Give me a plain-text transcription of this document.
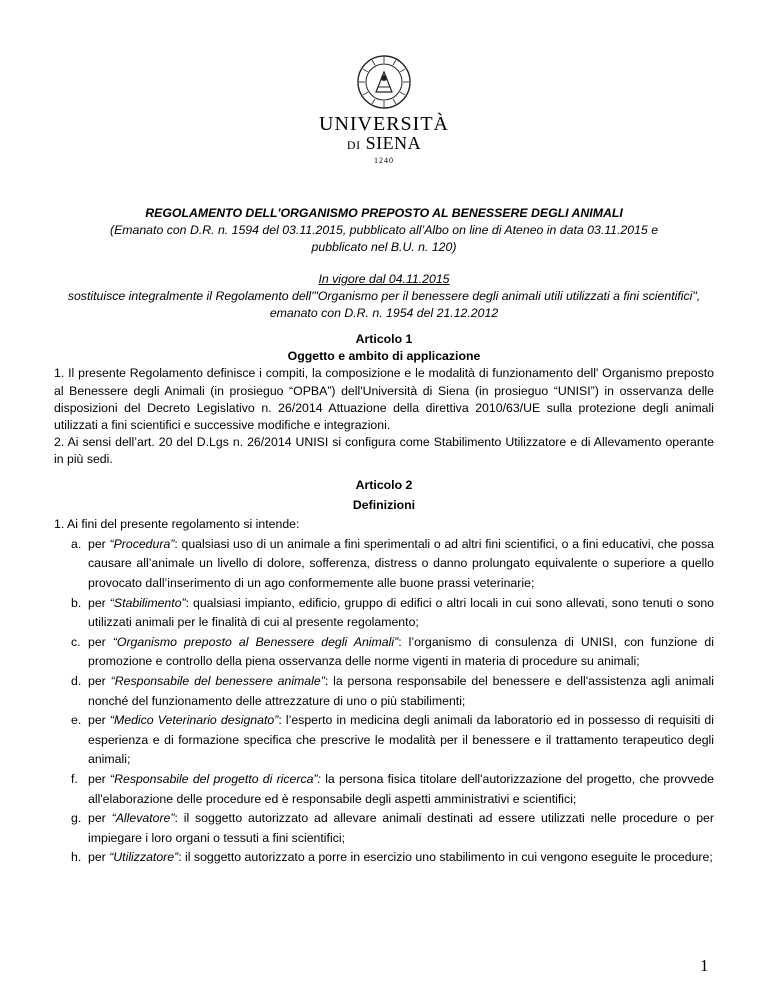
UNIVERSITÀ
DI SIENA
1240

REGOLAMENTO DELL'ORGANISMO PREPOSTO AL BENESSERE DEGLI ANIMALI

(Emanato con D.R. n. 1594 del 03.11.2015, pubblicato all’Albo on line di Ateneo in data 03.11.2015 e pubblicato nel B.U. n. 120)

In vigore dal 04.11.2015

sostituisce integralmente il Regolamento dell'"Organismo per il benessere degli animali utili utilizzati a fini scientifici", emanato con D.R. n. 1954 del 21.12.2012

Articolo 1

Oggetto e ambito di applicazione

1. Il presente Regolamento definisce i compiti, la composizione e le modalità di funzionamento dell' Organismo preposto al Benessere degli Animali (in prosieguo “OPBA”) dell'Università di Siena (in prosieguo “UNISI”) in osservanza delle disposizioni del Decreto Legislativo n. 26/2014 Attuazione della direttiva 2010/63/UE sulla protezione degli animali utilizzati a fini scientifici e successive modifiche e integrazioni.

2. Ai sensi dell’art. 20 del D.Lgs n. 26/2014 UNISI si configura come Stabilimento Utilizzatore e di Allevamento operante in più sedi.

Articolo 2

Definizioni

1. Ai fini del presente regolamento si intende:

a. per “Procedura”: qualsiasi uso di un animale a fini sperimentali o ad altri fini scientifici, o a fini educativi, che possa causare all’animale un livello di dolore, sofferenza, distress o danno prolungato equivalente o superiore a quello provocato dall’inserimento di un ago conformemente alle buone prassi veterinarie;
b. per “Stabilimento”: qualsiasi impianto, edificio, gruppo di edifici o altri locali in cui sono allevati, sono tenuti o sono utilizzati animali per le finalità di cui al presente regolamento;
c. per “Organismo preposto al Benessere degli Animali”: l’organismo di consulenza di UNISI, con funzione di promozione e controllo della piena osservanza delle norme vigenti in materia di procedure su animali;
d. per “Responsabile del benessere animale”: la persona responsabile del benessere e dell'assistenza agli animali nonché del funzionamento delle attrezzature di uno o più stabilimenti;
e. per “Medico Veterinario designato”: l’esperto in medicina degli animali da laboratorio ed in possesso di requisiti di esperienza e di formazione specifica che prescrive le modalità per il benessere e il trattamento terapeutico degli animali;
f. per “Responsabile del progetto di ricerca”: la persona fisica titolare dell'autorizzazione del progetto, che provvede all'elaborazione delle procedure ed è responsabile degli aspetti amministrativi e scientifici;
g. per “Allevatore”: il soggetto autorizzato ad allevare animali destinati ad essere utilizzati nelle procedure o per impiegare i loro organi o tessuti a fini scientifici;
h. per “Utilizzatore”: il soggetto autorizzato a porre in esercizio uno stabilimento in cui vengono eseguite le procedure;
1
